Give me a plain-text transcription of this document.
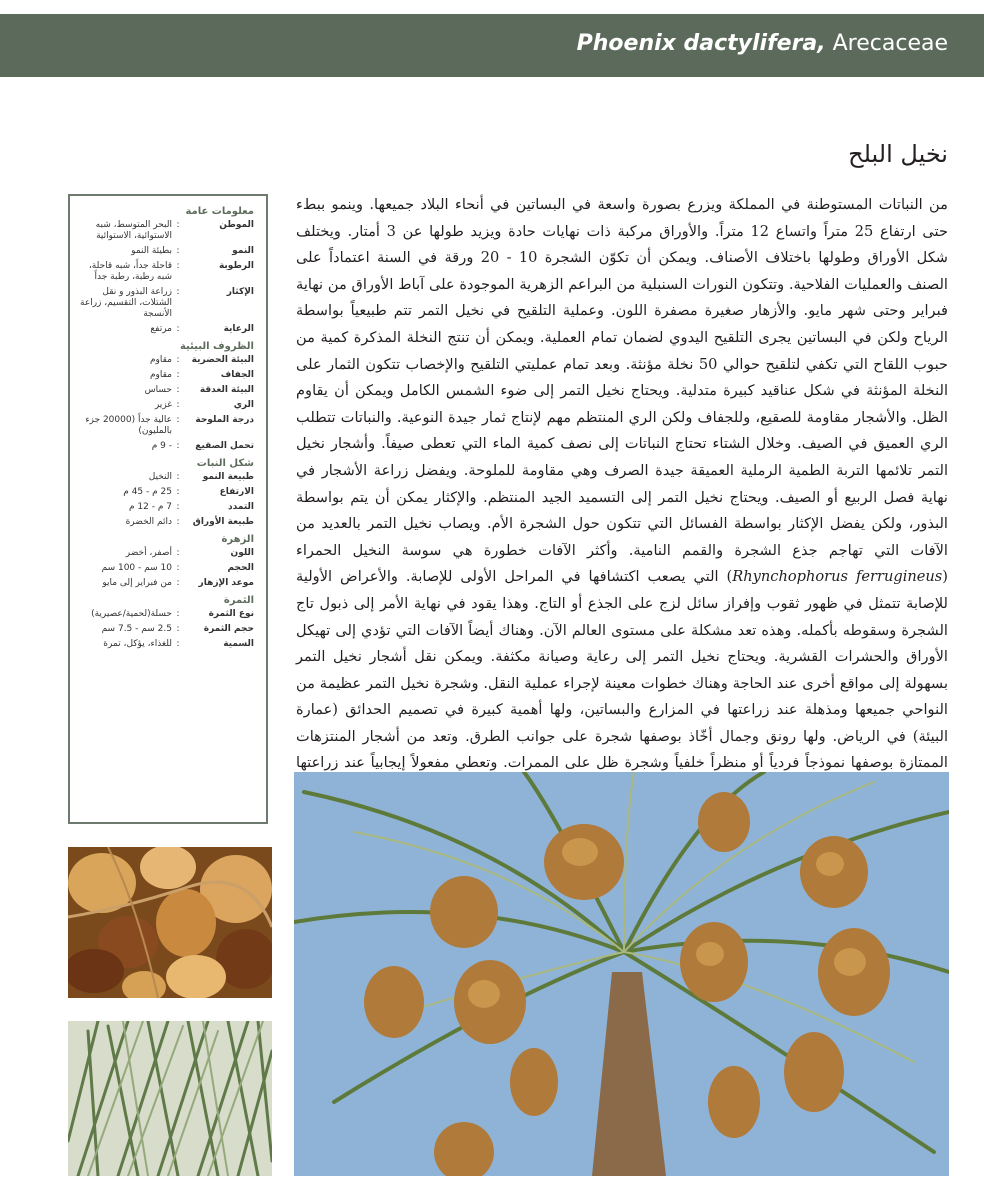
Phoenix dactylifera, Arecaceae
نخيل البلح

من النباتات المستوطنة في المملكة ويزرع بصورة واسعة في البساتين في أنحاء البلاد جميعها. وينمو ببطء حتى ارتفاع 25 متراً واتساع 12 متراً. والأوراق مركبة ذات نهايات حادة ويزيد طولها عن 3 أمتار. ويختلف شكل الأوراق وطولها باختلاف الأصناف. ويمكن أن تكوّن الشجرة 10 - 20 ورقة في السنة اعتماداً على الصنف والعمليات الفلاحية. وتتكون النورات السنبلية من البراعم الزهرية الموجودة على آباط الأوراق من نهاية فبراير وحتى شهر مايو. والأزهار صغيرة مصفرة اللون. وعملية التلقيح في نخيل التمر تتم طبيعياً بواسطة الرياح ولكن في البساتين يجرى التلقيح اليدوي لضمان تمام العملية. ويمكن أن تنتج النخلة المذكرة كمية من حبوب اللقاح التي تكفي لتلقيح حوالي 50 نخلة مؤنثة. وبعد تمام عمليتي التلقيح والإخصاب تتكون الثمار على النخلة المؤنثة في شكل عناقيد كبيرة متدلية. ويحتاج نخيل التمر إلى ضوء الشمس الكامل ويمكن أن يقاوم الظل. والأشجار مقاومة للصقيع، وللجفاف ولكن الري المنتظم مهم لإنتاج ثمار جيدة النوعية. والنباتات تتطلب الري العميق في الصيف. وخلال الشتاء تحتاج النباتات إلى نصف كمية الماء التي تعطى صيفاً. وأشجار نخيل التمر تلائمها التربة الطمية الرملية العميقة جيدة الصرف وهي مقاومة للملوحة. ويفضل زراعة الأشجار في نهاية فصل الربيع أو الصيف. ويحتاج نخيل التمر إلى التسميد الجيد المنتظم. والإكثار يمكن أن يتم بواسطة البذور، ولكن يفضل الإكثار بواسطة الفسائل التي تتكون حول الشجرة الأم. ويصاب نخيل التمر بالعديد من الآفات التي تهاجم جذع الشجرة والقمم النامية. وأكثر الآفات خطورة هي سوسة النخيل الحمراء (Rhynchophorus ferrugineus) التي يصعب اكتشافها في المراحل الأولى للإصابة. والأعراض الأولية للإصابة تتمثل في ظهور ثقوب وإفراز سائل لزج على الجذع أو التاج. وهذا يقود في نهاية الأمر إلى ذبول تاج الشجرة وسقوطه بأكمله. وهذه تعد مشكلة على مستوى العالم الآن. وهناك أيضاً الآفات التي تؤدي إلى تهيكل الأوراق والحشرات القشرية. ويحتاج نخيل التمر إلى رعاية وصيانة مكثفة. ويمكن نقل أشجار نخيل التمر بسهولة إلى مواقع أخرى عند الحاجة وهناك خطوات معينة لإجراء عملية النقل. وشجرة نخيل التمر عظيمة من النواحي جميعها ومذهلة عند زراعتها في المزارع والبساتين، ولها أهمية كبيرة في تصميم الحدائق (عمارة البيئة) في الرياض. ولها رونق وجمال أخّاذ بوصفها شجرة على جوانب الطرق. وتعد من أشجار المنتزهات الممتازة بوصفها نموذجاً فردياً أو منظراً خلفياً وشجرة ظل على الممرات. وتعطي مفعولاً إيجابياً عند زراعتها

معلومات عامة
الموطن
:
البحر المتوسط، شبه الاستوائية، الاستوائية
النمو
:
بطيئة النمو
الرطوبة
:
قاحلة جداً، شبه قاحلة، شبه رطبة، رطبة جداً
الإكثار
:
زراعة البذور و نقل الشتلات، التقسيم، زراعة الأنسجة
الرعاية
:
مرتفع
الظروف البيئية
البيئة الحضرية
:
مقاوم
الجفاف
:
مقاوم
البيئة الغدقة
:
حساس
الري
:
غزير
درجة الملوحة
:
عالية جداً (20000 جزء بالمليون)
تحمل الصقيع
:
- 9 م
شكل النبات
طبيعة النمو
:
النخيل
الارتفاع
:
25 م - 45 م
التمدد
:
7 م - 12 م
طبيعة الأوراق
:
دائم الخضرة
الزهرة
اللون
:
أصفر، أخضر
الحجم
:
10 سم - 100 سم
موعد الإزهار
:
من فبراير إلى مايو
الثمرة
نوع الثمرة
:
حسلة(لحمية/عصيرية)
حجم الثمرة
:
2.5 سم - 7.5 سم
السمية
:
للغذاء، يؤكل، تمرة
